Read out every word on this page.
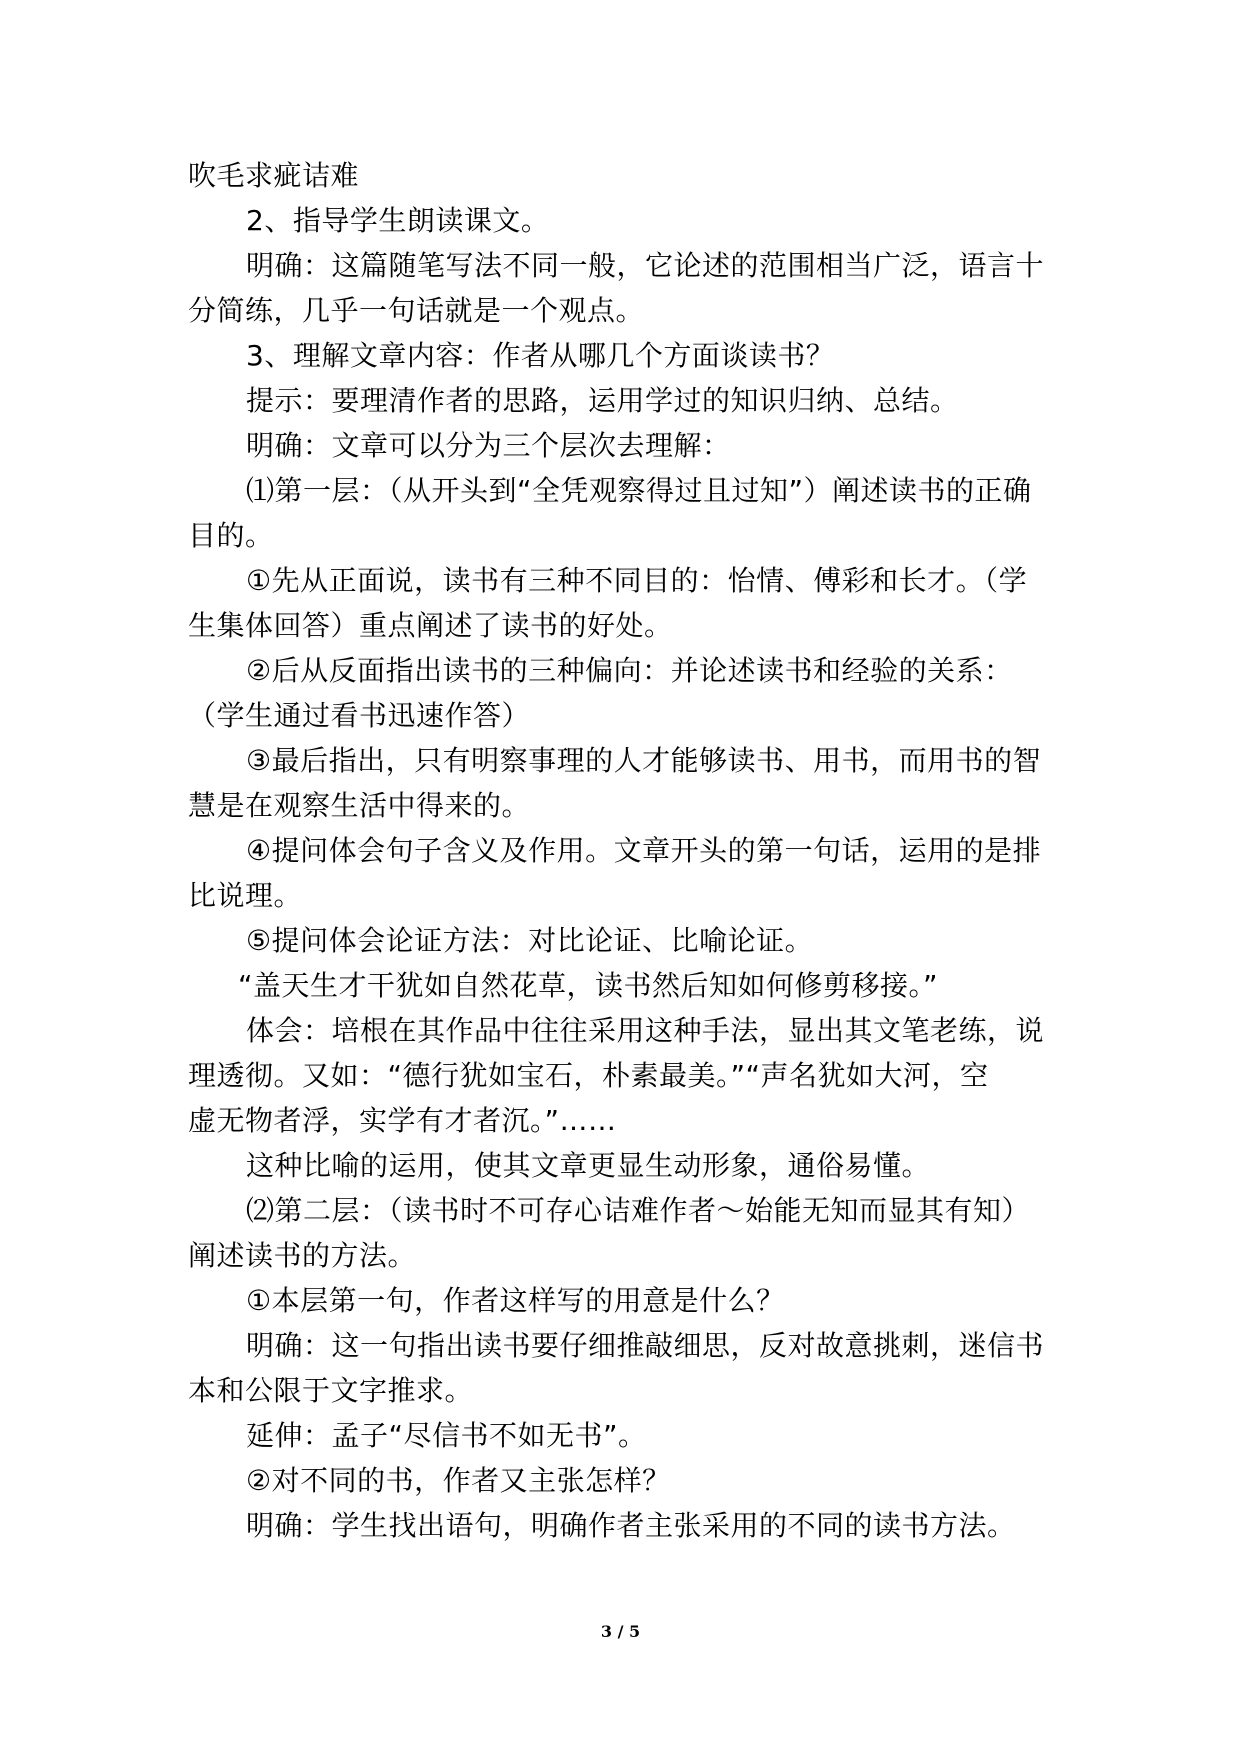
吹毛求疵诘难
2、指导学生朗读课文。
明确：这篇随笔写法不同一般，它论述的范围相当广泛，语言十
分简练，几乎一句话就是一个观点。
3、理解文章内容：作者从哪几个方面谈读书？
提示：要理清作者的思路，运用学过的知识归纳、总结。
明确：文章可以分为三个层次去理解：
⑴第一层：（从开头到“全凭观察得过且过知”）阐述读书的正确
目的。
①先从正面说，读书有三种不同目的：怡情、傅彩和长才。（学
生集体回答）重点阐述了读书的好处。
②后从反面指出读书的三种偏向：并论述读书和经验的关系：
（学生通过看书迅速作答）
③最后指出，只有明察事理的人才能够读书、用书，而用书的智
慧是在观察生活中得来的。
④提问体会句子含义及作用。文章开头的第一句话，运用的是排
比说理。
⑤提问体会论证方法：对比论证、比喻论证。
“盖天生才干犹如自然花草，读书然后知如何修剪移接。”
体会：培根在其作品中往往采用这种手法，显出其文笔老练，说
理透彻。又如：“德行犹如宝石，朴素最美。”“声名犹如大河，空
虚无物者浮，实学有才者沉。”……
这种比喻的运用，使其文章更显生动形象，通俗易懂。
⑵第二层：（读书时不可存心诘难作者～始能无知而显其有知）
阐述读书的方法。
①本层第一句，作者这样写的用意是什么？
明确：这一句指出读书要仔细推敲细思，反对故意挑刺，迷信书
本和公限于文字推求。
延伸：孟子“尽信书不如无书”。
②对不同的书，作者又主张怎样？
明确：学生找出语句，明确作者主张采用的不同的读书方法。
3 / 5
